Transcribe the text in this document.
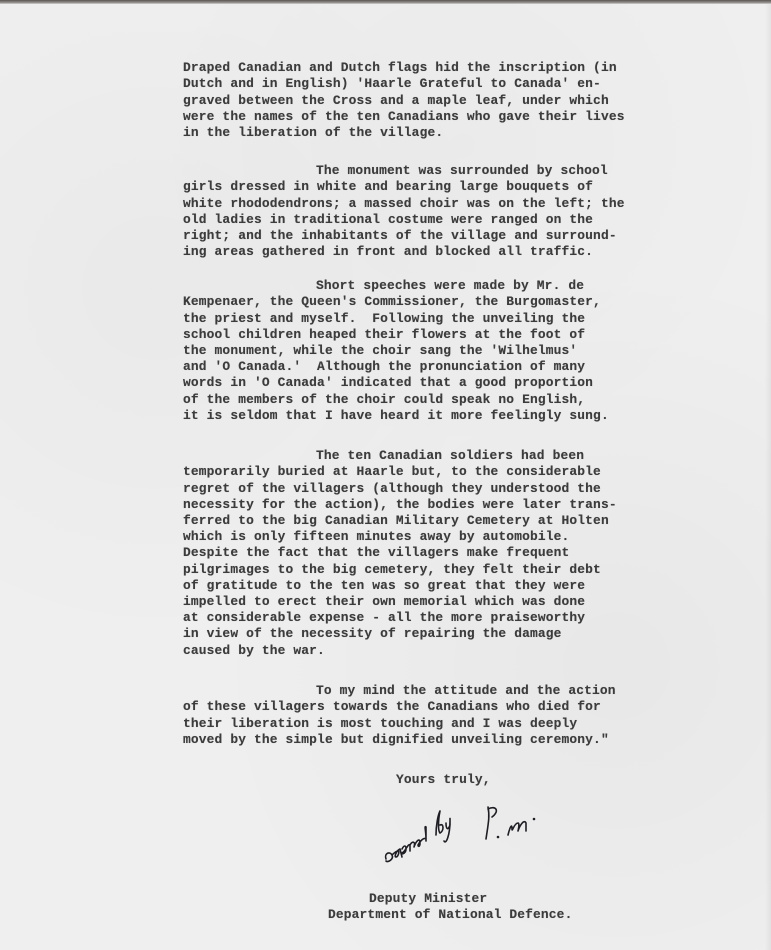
Draped Canadian and Dutch flags hid the inscription (in
Dutch and in English) 'Haarle Grateful to Canada' en-
graved between the Cross and a maple leaf, under which
were the names of the ten Canadians who gave their lives
in the liberation of the village.

The monument was surrounded by school
girls dressed in white and bearing large bouquets of
white rhododendrons; a massed choir was on the left; the
old ladies in traditional costume were ranged on the
right; and the inhabitants of the village and surround-
ing areas gathered in front and blocked all traffic.

Short speeches were made by Mr. de
Kempenaer, the Queen's Commissioner, the Burgomaster,
the priest and myself.  Following the unveiling the
school children heaped their flowers at the foot of
the monument, while the choir sang the 'Wilhelmus'
and 'O Canada.'  Although the pronunciation of many
words in 'O Canada' indicated that a good proportion
of the members of the choir could speak no English,
it is seldom that I have heard it more feelingly sung.

The ten Canadian soldiers had been
temporarily buried at Haarle but, to the considerable
regret of the villagers (although they understood the
necessity for the action), the bodies were later trans-
ferred to the big Canadian Military Cemetery at Holten
which is only fifteen minutes away by automobile.
Despite the fact that the villagers make frequent
pilgrimages to the big cemetery, they felt their debt
of gratitude to the ten was so great that they were
impelled to erect their own memorial which was done
at considerable expense - all the more praiseworthy
in view of the necessity of repairing the damage
caused by the war.

To my mind the attitude and the action
of these villagers towards the Canadians who died for
their liberation is most touching and I was deeply
moved by the simple but dignified unveiling ceremony."

Yours truly,
Deputy Minister
Department of National Defence.
